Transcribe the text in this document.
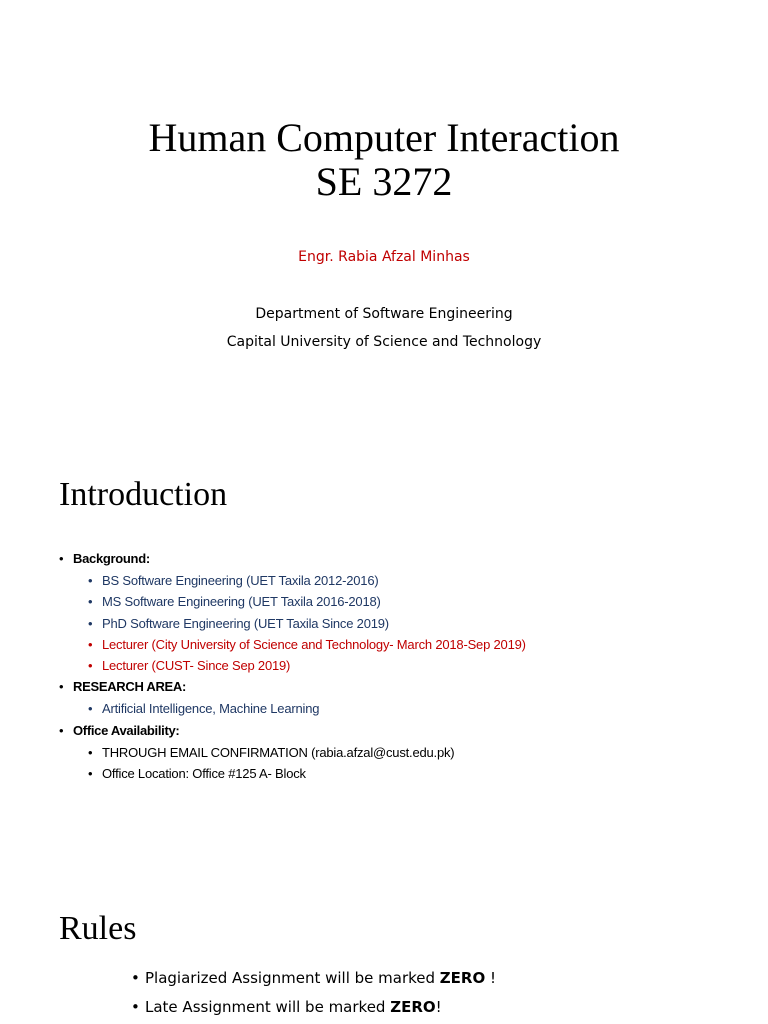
Human Computer Interaction
SE 3272
Engr. Rabia Afzal Minhas
Department of Software Engineering
Capital University of Science and Technology
Introduction
• Background:
• BS Software Engineering (UET Taxila 2012-2016)
• MS Software Engineering (UET Taxila 2016-2018)
• PhD Software Engineering (UET Taxila Since 2019)
• Lecturer (City University of Science and Technology- March 2018-Sep 2019)
• Lecturer (CUST- Since Sep 2019)
• RESEARCH AREA:
• Artificial Intelligence, Machine Learning
• Office Availability:
• THROUGH EMAIL CONFIRMATION (rabia.afzal@cust.edu.pk)
• Office Location: Office #125 A- Block
Rules
• Plagiarized Assignment will be marked ZERO !
• Late Assignment will be marked ZERO!
